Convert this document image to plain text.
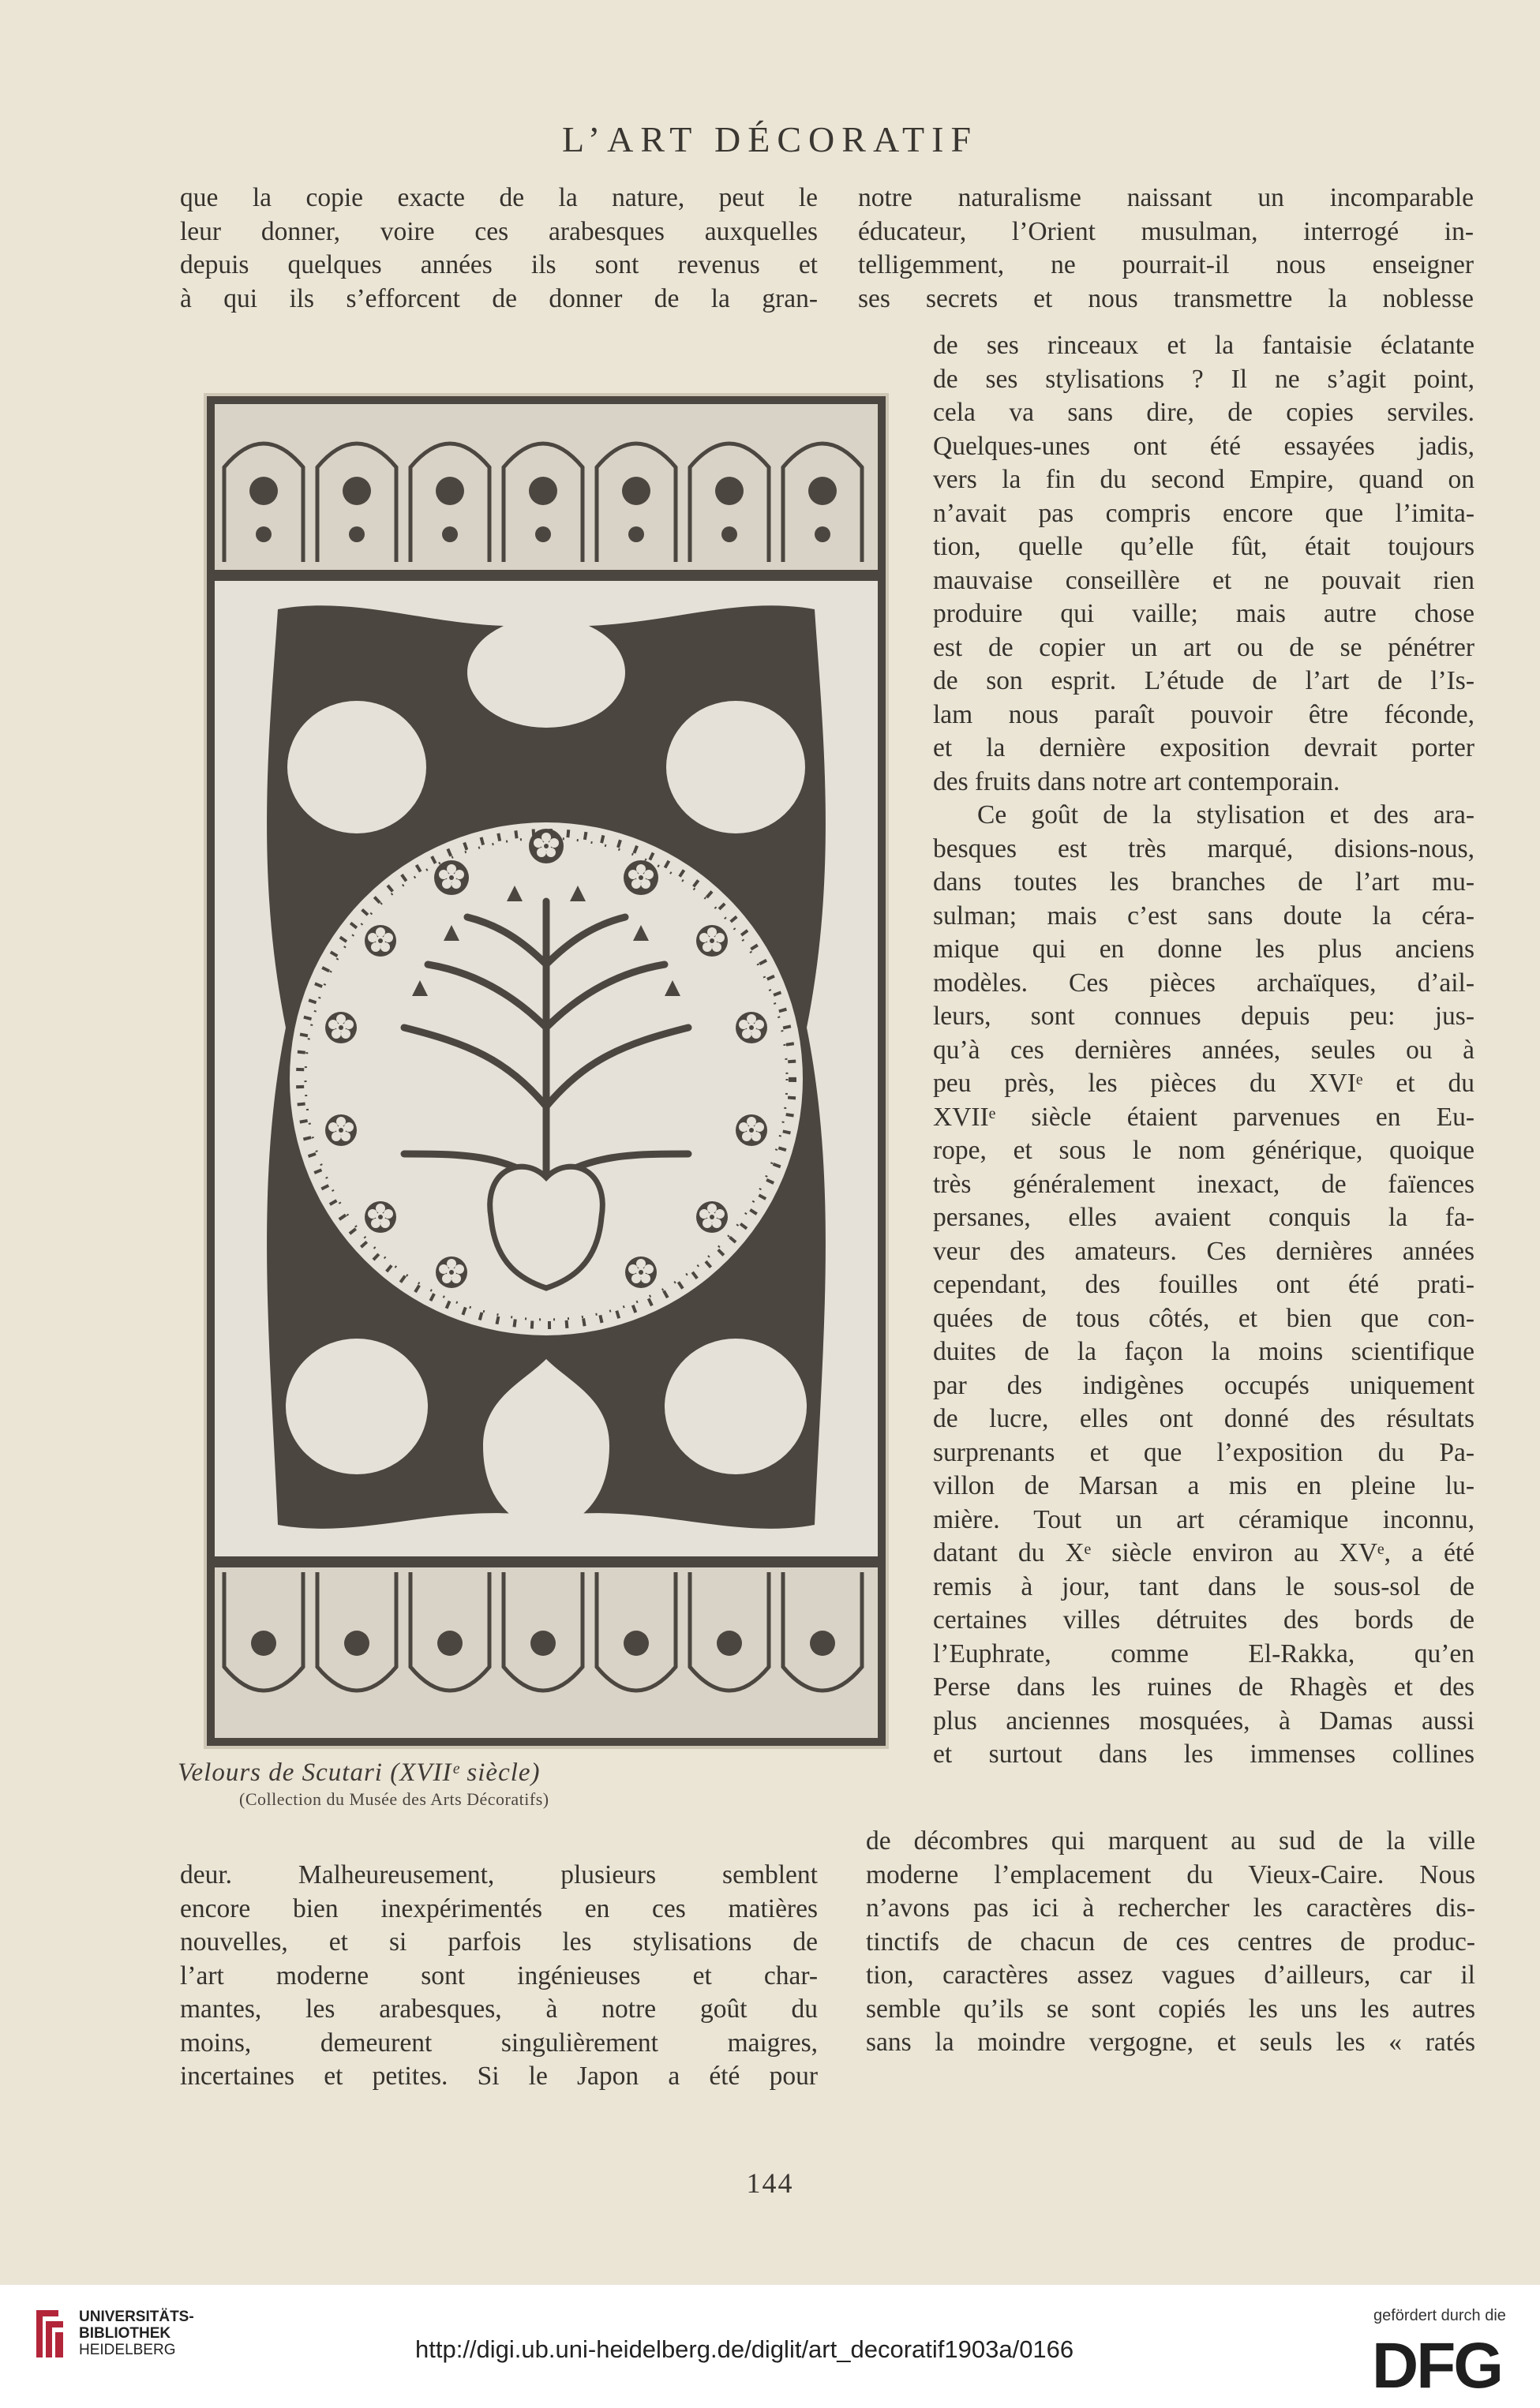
L’ART DÉCORATIF

que la copie exacte de la nature, peut le

leur donner, voire ces arabesques auxquelles

depuis quelques années ils sont revenus et

à qui ils s’efforcent de donner de la gran-

notre naturalisme naissant un incomparable

éducateur, l’Orient musulman, interrogé in-

telligemment, ne pourrait-il nous enseigner

ses secrets et nous transmettre la noblesse

de ses rinceaux et la fantaisie éclatante

de ses stylisations ? Il ne s’agit point,

cela va sans dire, de copies serviles.

Quelques-unes ont été essayées jadis,

vers la fin du second Empire, quand on

n’avait pas compris encore que l’imita-

tion, quelle qu’elle fût, était toujours

mauvaise conseillère et ne pouvait rien

produire qui vaille; mais autre chose

est de copier un art ou de se pénétrer

de son esprit. L’étude de l’art de l’Is-

lam nous paraît pouvoir être féconde,

et la dernière exposition devrait porter

des fruits dans notre art contemporain.

Ce goût de la stylisation et des ara-

besques est très marqué, disions-nous,

dans toutes les branches de l’art mu-

sulman; mais c’est sans doute la céra-

mique qui en donne les plus anciens

modèles. Ces pièces archaïques, d’ail-

leurs, sont connues depuis peu: jus-

qu’à ces dernières années, seules ou à

peu près, les pièces du XVIᵉ et du

XVIIᵉ siècle étaient parvenues en Eu-

rope, et sous le nom générique, quoique

très généralement inexact, de faïences

persanes, elles avaient conquis la fa-

veur des amateurs. Ces dernières années

cependant, des fouilles ont été prati-

quées de tous côtés, et bien que con-

duites de la façon la moins scientifique

par des indigènes occupés uniquement

de lucre, elles ont donné des résultats

surprenants et que l’exposition du Pa-

villon de Marsan a mis en pleine lu-

mière. Tout un art céramique inconnu,

datant du Xᵉ siècle environ au XVᵉ, a été

remis à jour, tant dans le sous-sol de

certaines villes détruites des bords de

l’Euphrate, comme El-Rakka, qu’en

Perse dans les ruines de Rhagès et des

plus anciennes mosquées, à Damas aussi

et surtout dans les immenses collines

Velours de Scutari (XVIIᵉ siècle)
(Collection du Musée des Arts Décoratifs)

deur. Malheureusement, plusieurs semblent

encore bien inexpérimentés en ces matières

nouvelles, et si parfois les stylisations de

l’art moderne sont ingénieuses et char-

mantes, les arabesques, à notre goût du

moins, demeurent singulièrement maigres,

incertaines et petites. Si le Japon a été pour

de décombres qui marquent au sud de la ville

moderne l’emplacement du Vieux-Caire. Nous

n’avons pas ici à rechercher les caractères dis-

tinctifs de chacun de ces centres de produc-

tion, caractères assez vagues d’ailleurs, car il

semble qu’ils se sont copiés les uns les autres

sans la moindre vergogne, et seuls les « ratés

144
UNIVERSITÄTS-
BIBLIOTHEK
HEIDELBERG	http://digi.ub.uni-heidelberg.de/diglit/art_decoratif1903a/0166
gefördert durch die
DFG
